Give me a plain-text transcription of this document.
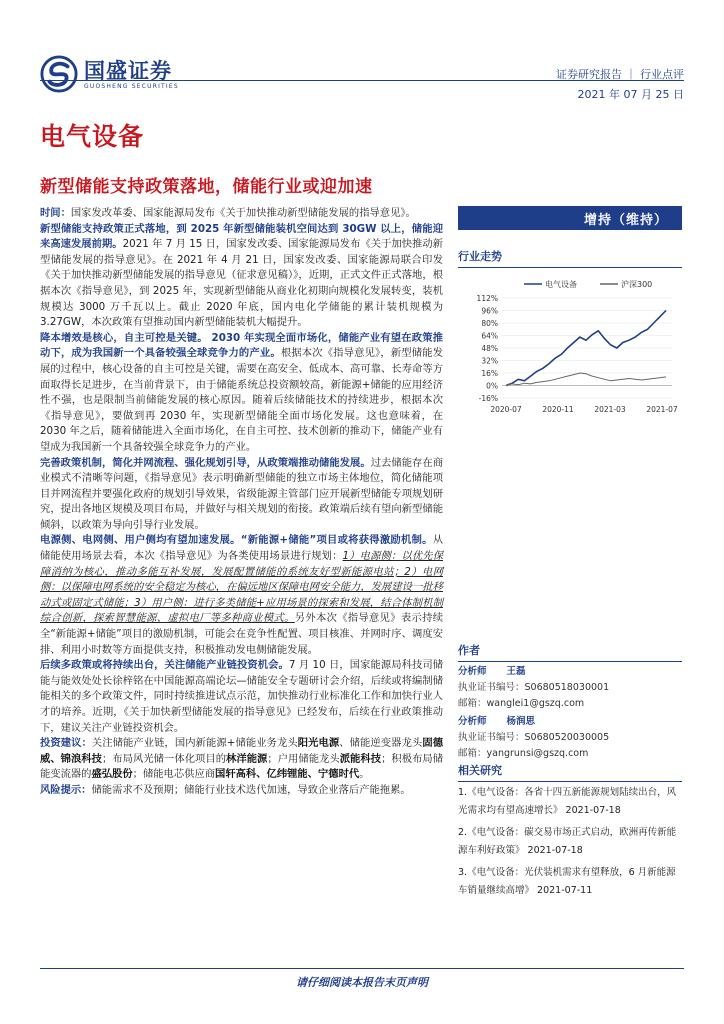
国盛证券
GUOSHENG SECURITIES
证券研究报告 ｜ 行业点评
2021 年 07 月 25 日
电气设备
新型储能支持政策落地，储能行业或迎加速

时间：国家发改革委、国家能源局发布《关于加快推动新型储能发展的指导意见》。

新型储能支持政策正式落地，到 2025 年新型储能装机空间达到 30GW 以上，储能迎来高速发展前期。2021 年 7 月 15 日，国家发改委、国家能源局发布《关于加快推动新型储能发展的指导意见》。在 2021 年 4 月 21 日，国家发改委、国家能源局联合印发《关于加快推动新型储能发展的指导意见（征求意见稿）》，近期，正式文件正式落地，根据本次《指导意见》，到 2025 年，实现新型储能从商业化初期向规模化发展转变，装机规模达 3000 万千瓦以上。截止 2020 年底，国内电化学储能的累计装机规模为 3.27GW，本次政策有望推动国内新型储能装机大幅提升。

降本增效是核心，自主可控是关键。 2030 年实现全面市场化，储能产业有望在政策推动下，成为我国新一个具备较强全球竞争力的产业。根据本次《指导意见》，新型储能发展的过程中，核心设备的自主可控是关键，需要在高安全、低成本、高可靠、长寿命等方面取得长足进步，在当前背景下，由于储能系统总投资额较高，新能源+储能的应用经济性不强，也是限制当前储能发展的核心原因。随着后续储能技术的持续进步，根据本次《指导意见》，要做到再 2030 年，实现新型储能全面市场化发展。这也意味着，在 2030 年之后，随着储能进入全面市场化，在自主可控、技术创新的推动下，储能产业有望成为我国新一个具备较强全球竞争力的产业。

完善政策机制，简化并网流程、强化规划引导，从政策端推动储能发展。过去储能存在商业模式不清晰等问题，《指导意见》表示明确新型储能的独立市场主体地位，简化储能项目并网流程并要强化政府的规划引导效果，省级能源主管部门应开展新型储能专项规划研究，提出各地区规模及项目布局，并做好与相关规划的衔接。政策端后续有望向新型储能倾斜，以政策为导向引导行业发展。

电源侧、电网侧、用户侧均有望加速发展。“新能源+储能”项目或将获得激励机制。从储能使用场景去看，本次《指导意见》为各类使用场景进行规划：1）电源侧：以优先保障消纳为核心，推动多能互补发展，发展配置储能的系统友好型新能源电站；2）电网侧：以保障电网系统的安全稳定为核心，在偏远地区保障电网安全能力，发展建设一批移动式或固定式储能；3）用户侧：进行多类储能+应用场景的探索和发展，结合体制机制综合创新，探索智慧能源、虚拟电厂等多种商业模式。另外本次《指导意见》表示持续全“新能源+储能”项目的激励机制，可能会在竞争性配置、项目核准、并网时序、调度安排、利用小时数等方面提供支持，积极推动发电侧储能发展。

后续多政策或将持续出台，关注储能产业链投资机会。7 月 10 日，国家能源局科技司储能与能效处处长徐梓铭在中国能源高端论坛—储能安全专题研讨会介绍，后续或将编制储能相关的多个政策文件，同时持续推进试点示范，加快推动行业标准化工作和加快行业人才的培养。近期，《关于加快新型储能发展的指导意见》已经发布，后续在行业政策推动下，建议关注产业链投资机会。

投资建议：关注储能产业链，国内新能源+储能业务龙头阳光电源、储能逆变器龙头固德威、锦浪科技；布局风光储一体化项目的林洋能源；户用储能龙头派能科技；积极布局储能变流器的盛弘股份；储能电芯供应商国轩高科、亿纬锂能、宁德时代。

风险提示：储能需求不及预期；储能行业技术迭代加速，导致企业落后产能拖累。

增持（维持）
行业走势
电气设备	沪深300
112%
96%
80%
64%
48%
32%
16%
0%
-16%
2020-07	2020-11	2021-03	2021-07
作者
分析师 王磊
执业证书编号：S0680518030001
邮箱：wanglei1@gszq.com
分析师 杨润思
执业证书编号：S0680520030005
邮箱：yangrunsi@gszq.com
相关研究
1.《电气设备：各省十四五新能源规划陆续出台，风光需求均有望高速增长》 2021-07-18
2.《电气设备：碳交易市场正式启动，欧洲再传新能源车利好政策》 2021-07-18
3.《电气设备：光伏装机需求有望释放，6 月新能源车销量继续高增》 2021-07-11
请仔细阅读本报告末页声明
